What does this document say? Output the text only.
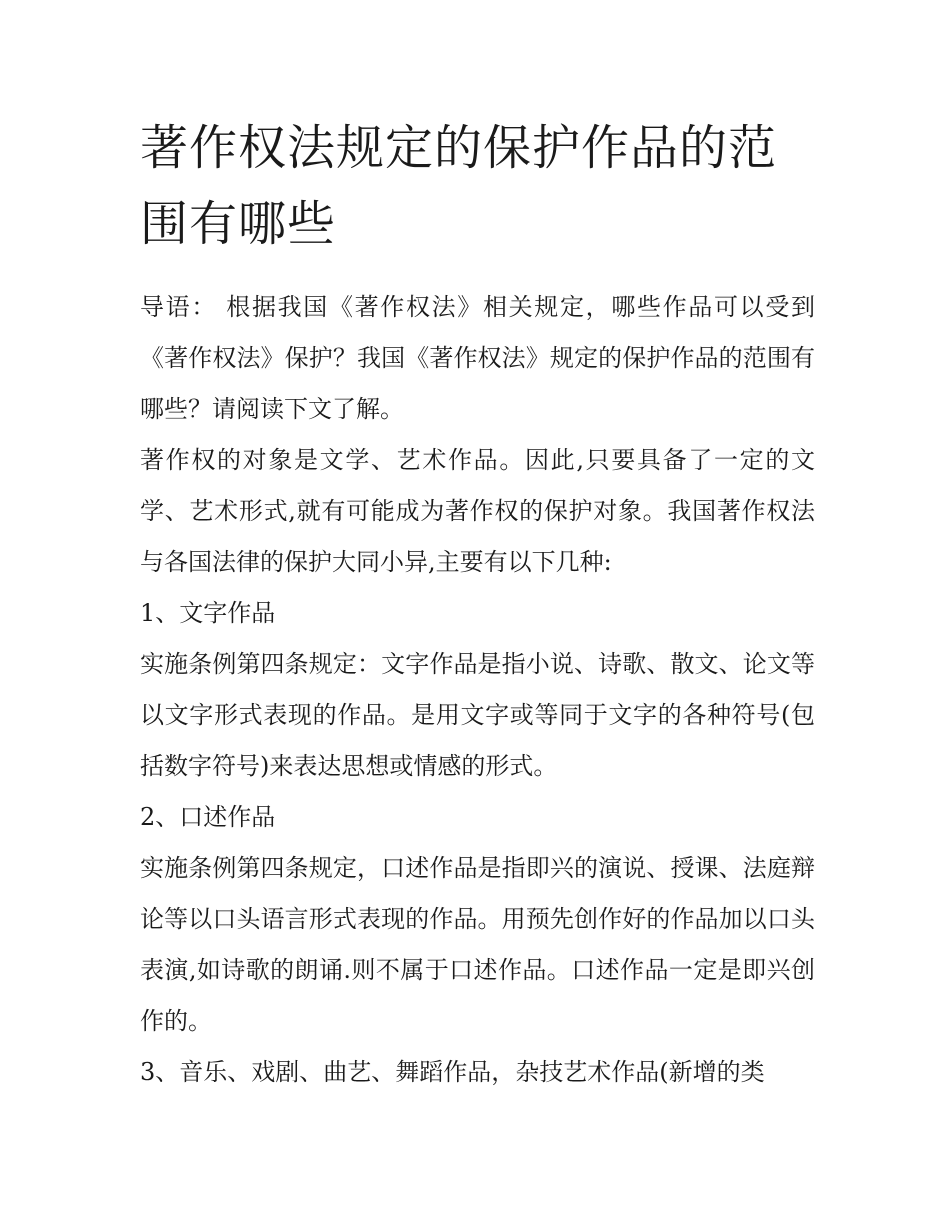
著作权法规定的保护作品的范围有哪些

导语： 根据我国《著作权法》相关规定，哪些作品可以受到《著作权法》保护？我国《著作权法》规定的保护作品的范围有哪些？请阅读下文了解。

著作权的对象是文学、艺术作品。因此,只要具备了一定的文学、艺术形式,就有可能成为著作权的保护对象。我国著作权法与各国法律的保护大同小异,主要有以下几种:

1、文字作品

实施条例第四条规定：文字作品是指小说、诗歌、散文、论文等以文字形式表现的作品。是用文字或等同于文字的各种符号(包括数字符号)来表达思想或情感的形式。

2、口述作品

实施条例第四条规定，口述作品是指即兴的演说、授课、法庭辩论等以口头语言形式表现的作品。用预先创作好的作品加以口头表演,如诗歌的朗诵.则不属于口述作品。口述作品一定是即兴创作的。

3、音乐、戏剧、曲艺、舞蹈作品，杂技艺术作品(新增的类
